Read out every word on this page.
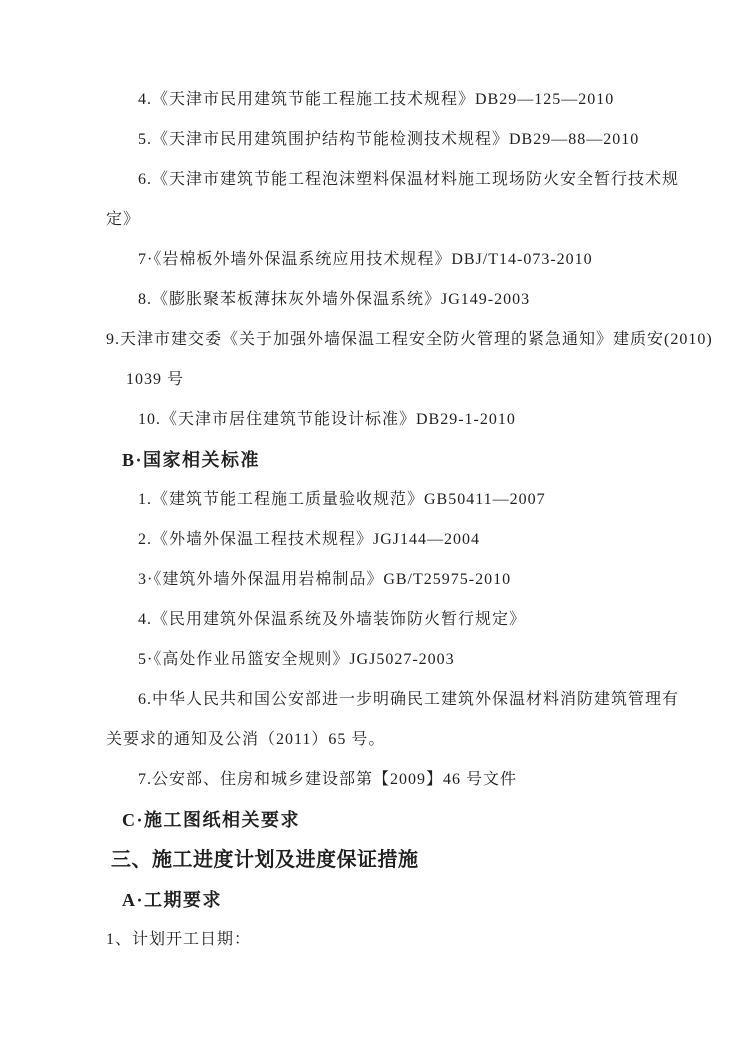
4.《天津市民用建筑节能工程施工技术规程》DB29—125—2010
5.《天津市民用建筑围护结构节能检测技术规程》DB29—88—2010
6.《天津市建筑节能工程泡沫塑料保温材料施工现场防火安全暂行技术规
定》
7·《岩棉板外墙外保温系统应用技术规程》DBJ/T14-073-2010
8.《膨胀聚苯板薄抹灰外墙外保温系统》JG149-2003
9.天津市建交委《关于加强外墙保温工程安全防火管理的紧急通知》建质安(2010)
1039 号
10.《天津市居住建筑节能设计标准》DB29-1-2010
B·国家相关标准
1.《建筑节能工程施工质量验收规范》GB50411—2007
2.《外墙外保温工程技术规程》JGJ144—2004
3·《建筑外墙外保温用岩棉制品》GB/T25975-2010
4.《民用建筑外保温系统及外墙装饰防火暂行规定》
5·《高处作业吊篮安全规则》JGJ5027-2003
6.中华人民共和国公安部进一步明确民工建筑外保温材料消防建筑管理有
关要求的通知及公消（2011）65 号。
7.公安部、住房和城乡建设部第【2009】46 号文件
C·施工图纸相关要求
三、施工进度计划及进度保证措施
A·工期要求
1、计划开工日期：
